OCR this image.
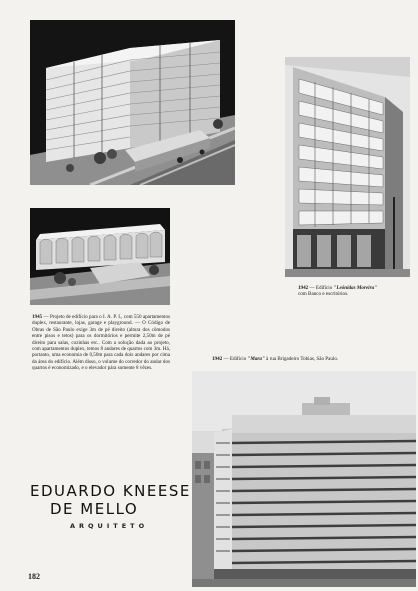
1945 — Projeto de edifício para o I. A. P. I., com 550 apartamentos duplex, restaurante, lojas, garage e playground. — O Código de Obras de São Paulo exige 3m de pé direito (altura dos cômodos entre pisos e tetos) para os dormitórios e permite 2,50m de pé direito para salas, cozinhas etc.. Com a solução dada ao projeto, com apartamentos duplex, temos 8 andares de quartos com 3m. Há, portanto, uma economia de 0,50m para cada dois andares por cima da área do edifício. Além disso, o volume do corredor do andar dos quartos é economizado, e o elevador pára somente 8 vêzes.
1942 — Edifício "Leônidas Moreira"
com Banco e escritórios.
1942 — Edifício "Mara" à rua Brigadeiro Tobias, São Paulo.
EDUARDO KNEESE
DE MELLO
ARQUITETO
182
